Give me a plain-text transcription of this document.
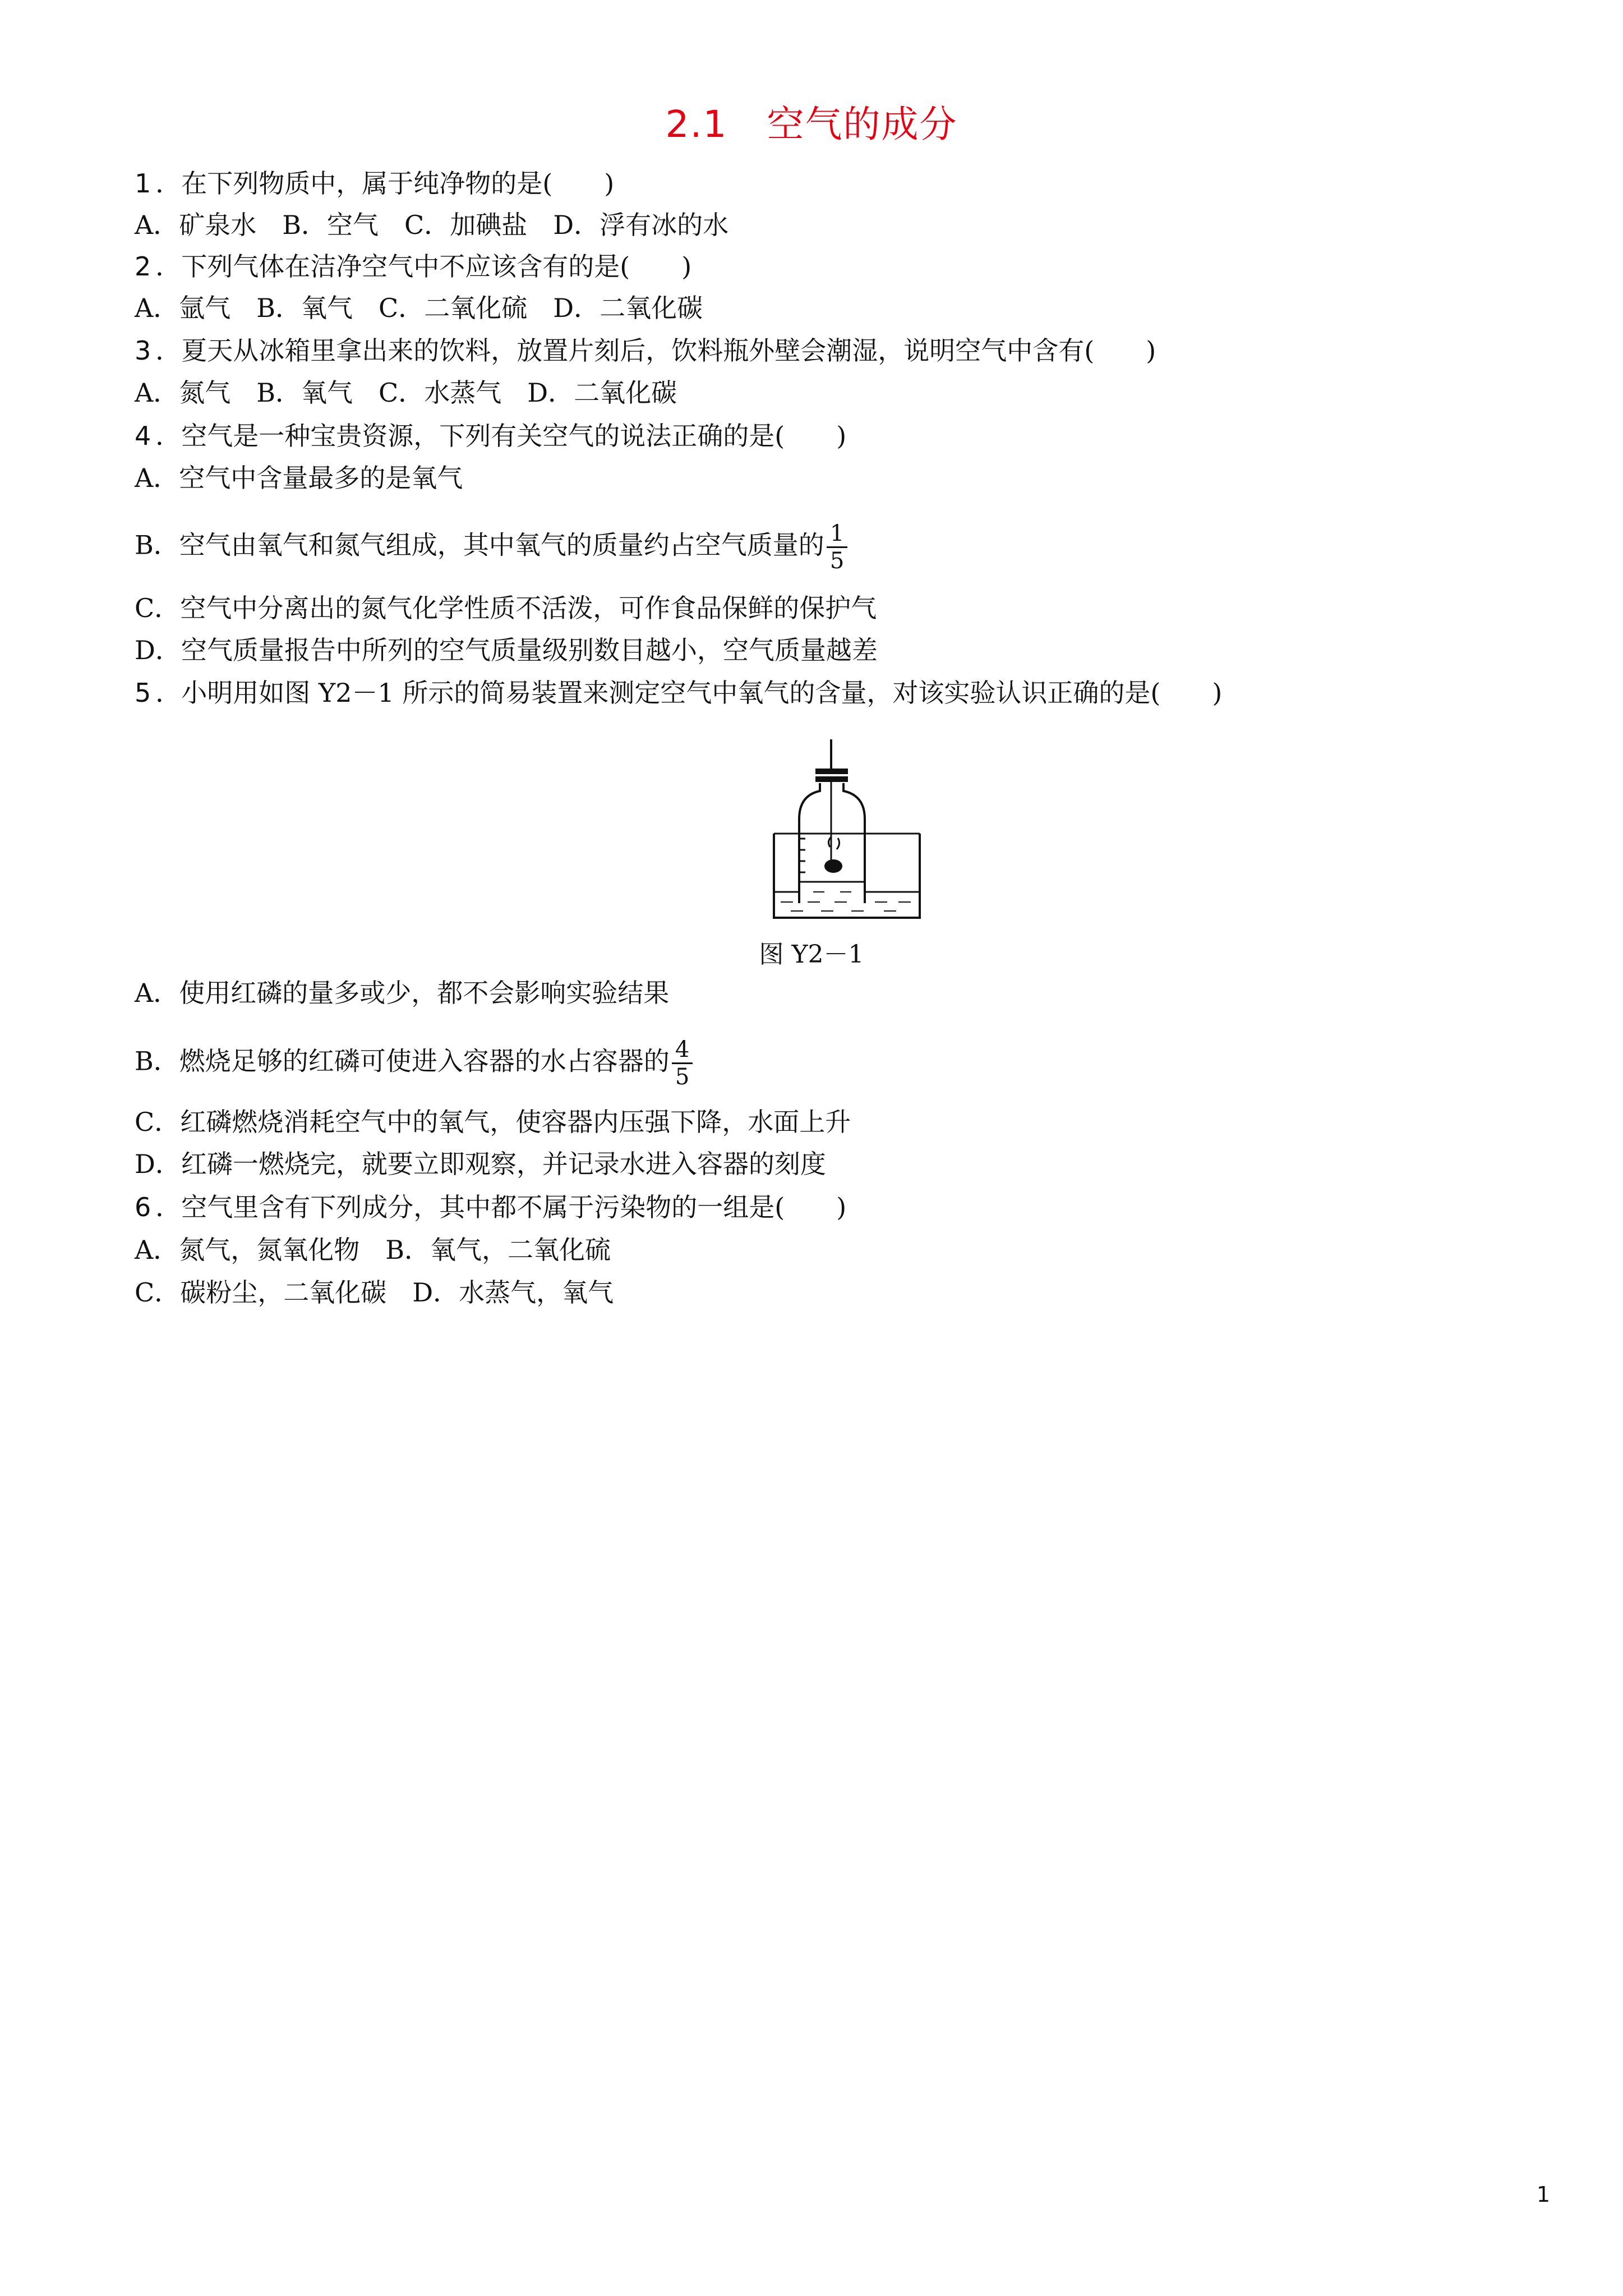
2.1 空气的成分
1 ．在下列物质中，属于纯净物的是(　　)
A．矿泉水　B．空气　C．加碘盐　D．浮有冰的水
2 ．下列气体在洁净空气中不应该含有的是(　　)
A．氩气　B．氧气　C．二氧化硫　D．二氧化碳
3 ．夏天从冰箱里拿出来的饮料，放置片刻后，饮料瓶外壁会潮湿，说明空气中含有(　　)
A．氮气　B．氧气　C．水蒸气　D．二氧化碳
4 ．空气是一种宝贵资源，下列有关空气的说法正确的是(　　)
A．空气中含量最多的是氧气
B．空气由氧气和氮气组成，其中氧气的质量约占空气质量的 $\frac{1}{5}$
C．空气中分离出的氮气化学性质不活泼，可作食品保鲜的保护气
D．空气质量报告中所列的空气质量级别数目越小，空气质量越差
5 ．小明用如图 Y2－1 所示的简易装置来测定空气中氧气的含量，对该实验认识正确的是(　　)
图 Y2－1
A．使用红磷的量多或少，都不会影响实验结果
B．燃烧足够的红磷可使进入容器的水占容器的 $\frac{4}{5}$
C．红磷燃烧消耗空气中的氧气，使容器内压强下降，水面上升
D．红磷一燃烧完，就要立即观察，并记录水进入容器的刻度
6 ．空气里含有下列成分，其中都不属于污染物的一组是(　　)
A．氮气，氮氧化物　B．氧气，二氧化硫
C．碳粉尘，二氧化碳　D．水蒸气，氧气
1
